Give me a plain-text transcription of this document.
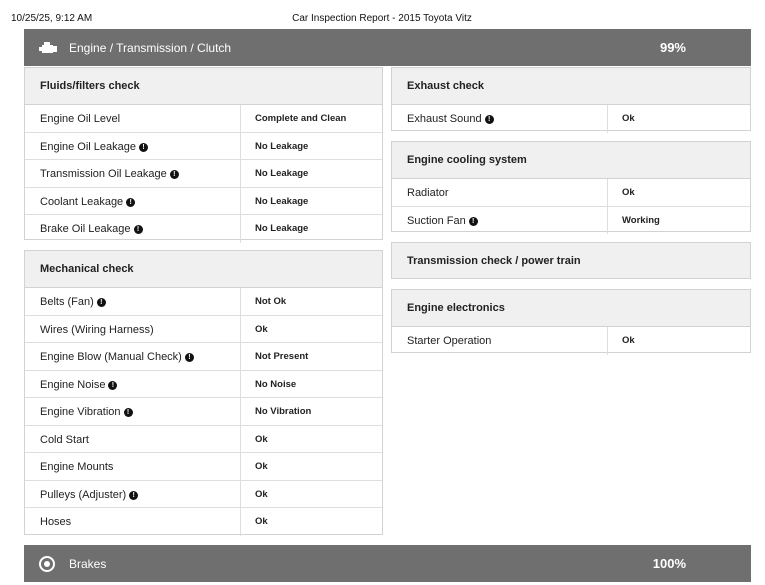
10/25/25, 9:12 AM	Car Inspection Report - 2015 Toyota Vitz
Engine / Transmission / Clutch	99%
Fluids/filters check
Engine Oil Level	Complete and Clean
Engine Oil Leakage !	No Leakage
Transmission Oil Leakage !	No Leakage
Coolant Leakage !	No Leakage
Brake Oil Leakage !	No Leakage
Mechanical check
Belts (Fan) !	Not Ok
Wires (Wiring Harness)	Ok
Engine Blow (Manual Check) !	Not Present
Engine Noise !	No Noise
Engine Vibration !	No Vibration
Cold Start	Ok
Engine Mounts	Ok
Pulleys (Adjuster) !	Ok
Hoses	Ok
Exhaust check
Exhaust Sound !	Ok
Engine cooling system
Radiator	Ok
Suction Fan !	Working
Transmission check / power train
Engine electronics
Starter Operation	Ok
Brakes	100%
